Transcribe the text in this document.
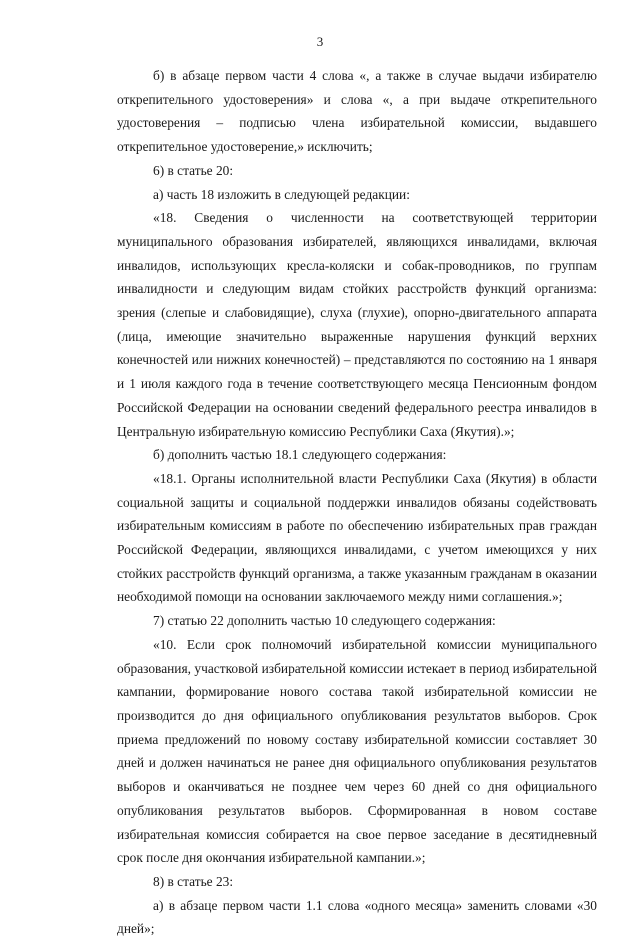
3

б) в абзаце первом части 4 слова «, а также в случае выдачи избирателю открепительного удостоверения» и слова «, а при выдаче открепительного удостоверения – подписью члена избирательной комиссии, выдавшего открепительное удостоверение,» исключить;

6) в статье 20:

а) часть 18 изложить в следующей редакции:

«18. Сведения о численности на соответствующей территории муниципального образования избирателей, являющихся инвалидами, включая инвалидов, использующих кресла-коляски и собак-проводников, по группам инвалидности и следующим видам стойких расстройств функций организма: зрения (слепые и слабовидящие), слуха (глухие), опорно-двигательного аппарата (лица, имеющие значительно выраженные нарушения функций верхних конечностей или нижних конечностей) – представляются по состоянию на 1 января и 1 июля каждого года в течение соответствующего месяца Пенсионным фондом Российской Федерации на основании сведений федерального реестра инвалидов в Центральную избирательную комиссию Республики Саха (Якутия).»;

б) дополнить частью 18.1 следующего содержания:

«18.1. Органы исполнительной власти Республики Саха (Якутия) в области социальной защиты и социальной поддержки инвалидов обязаны содействовать избирательным комиссиям в работе по обеспечению избирательных прав граждан Российской Федерации, являющихся инвалидами, с учетом имеющихся у них стойких расстройств функций организма, а также указанным гражданам в оказании необходимой помощи на основании заключаемого между ними соглашения.»;

7) статью 22 дополнить частью 10 следующего содержания:

«10. Если срок полномочий избирательной комиссии муниципального образования, участковой избирательной комиссии истекает в период избирательной кампании, формирование нового состава такой избирательной комиссии не производится до дня официального опубликования результатов выборов. Срок приема предложений по новому составу избирательной комиссии составляет 30 дней и должен начинаться не ранее дня официального опубликования результатов выборов и оканчиваться не позднее чем через 60 дней со дня официального опубликования результатов выборов. Сформированная в новом составе избирательная комиссия собирается на свое первое заседание в десятидневный срок после дня окончания избирательной кампании.»;

8) в статье 23:

а) в абзаце первом части 1.1 слова «одного месяца» заменить словами «30 дней»;
